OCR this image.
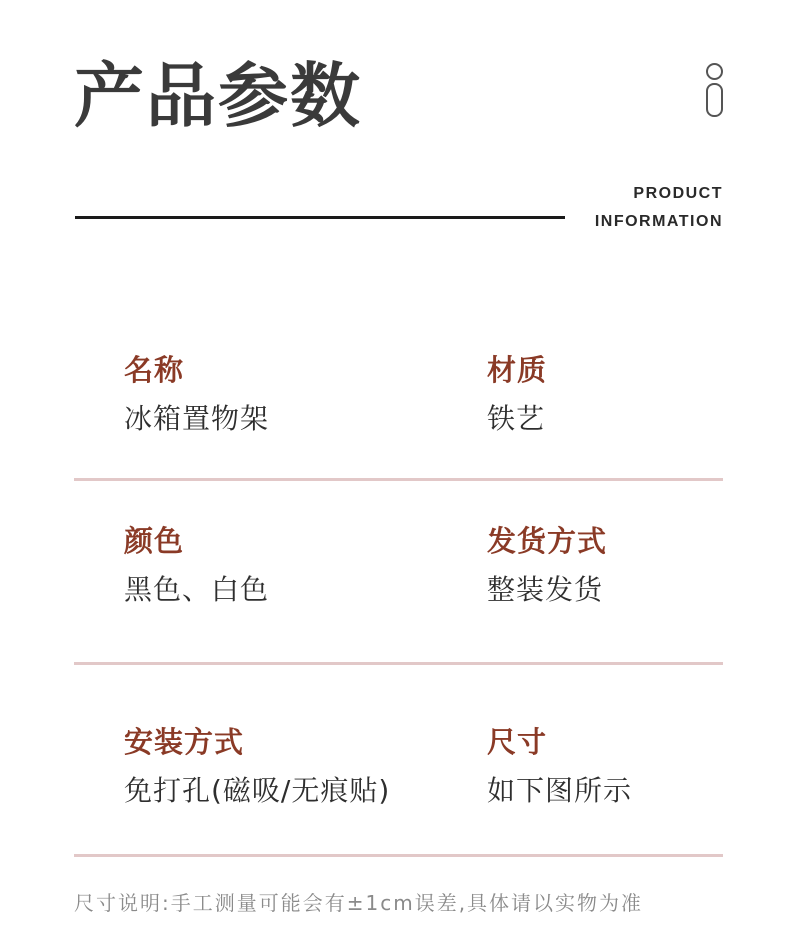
产品参数
PRODUCT
INFORMATION
名称
冰箱置物架
材质
铁艺
颜色
黑色、白色
发货方式
整装发货
安装方式
免打孔(磁吸/无痕贴)
尺寸
如下图所示
尺寸说明:手工测量可能会有±1cm误差,具体请以实物为准
